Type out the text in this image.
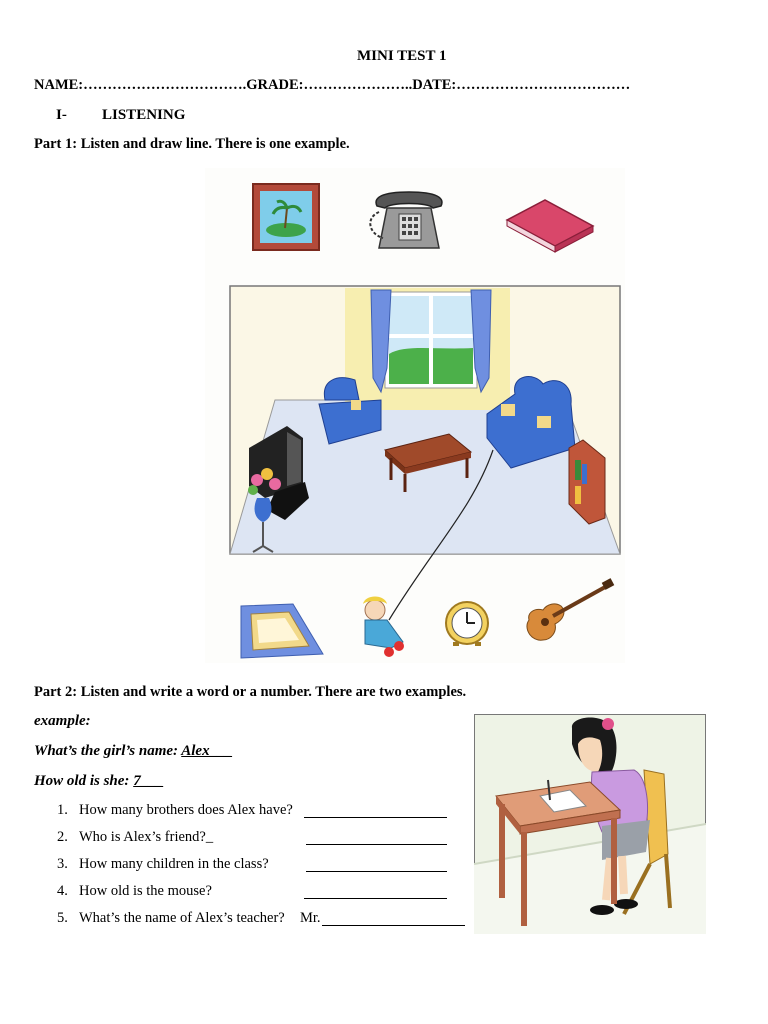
MINI TEST 1
NAME:…………………………….GRADE:…………………..DATE:………………………………
I- LISTENING
Part 1: Listen and draw line. There is one example.
Part 2: Listen and write a word or a number. There are two examples.
example:
What’s the girl’s name: Alex___
How old is she: 7___
1. How many brothers does Alex have?
2. Who is Alex’s friend?_
3. How many children in the class?
4. How old is the mouse?
5. What’s the name of Alex’s teacher? Mr.
